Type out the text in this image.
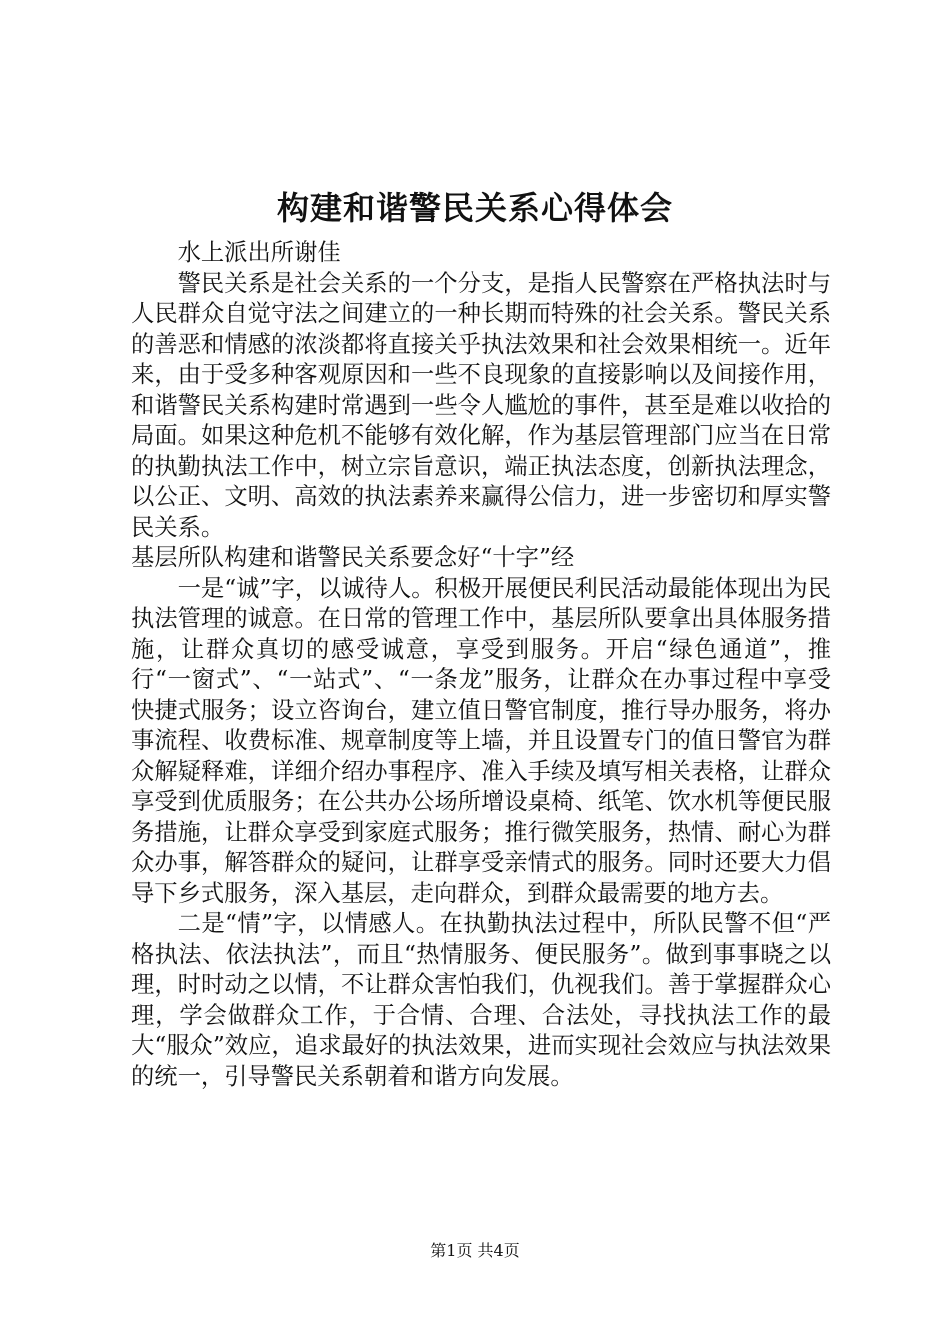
构建和谐警民关系心得体会

水上派出所谢佳

警民关系是社会关系的一个分支，是指人民警察在严格执法时与人民群众自觉守法之间建立的一种长期而特殊的社会关系。警民关系的善恶和情感的浓淡都将直接关乎执法效果和社会效果相统一。近年来，由于受多种客观原因和一些不良现象的直接影响以及间接作用，和谐警民关系构建时常遇到一些令人尴尬的事件，甚至是难以收拾的局面。如果这种危机不能够有效化解，作为基层管理部门应当在日常的执勤执法工作中，树立宗旨意识，端正执法态度，创新执法理念，以公正、文明、高效的执法素养来赢得公信力，进一步密切和厚实警民关系。

基层所队构建和谐警民关系要念好“十字”经

一是“诚”字，以诚待人。积极开展便民利民活动最能体现出为民执法管理的诚意。在日常的管理工作中，基层所队要拿出具体服务措施，让群众真切的感受诚意，享受到服务。开启“绿色通道”，推行“一窗式”、“一站式”、“一条龙”服务，让群众在办事过程中享受快捷式服务；设立咨询台，建立值日警官制度，推行导办服务，将办事流程、收费标准、规章制度等上墙，并且设置专门的值日警官为群众解疑释难，详细介绍办事程序、准入手续及填写相关表格，让群众享受到优质服务；在公共办公场所增设桌椅、纸笔、饮水机等便民服务措施，让群众享受到家庭式服务；推行微笑服务，热情、耐心为群众办事，解答群众的疑问，让群享受亲情式的服务。同时还要大力倡导下乡式服务，深入基层，走向群众，到群众最需要的地方去。

二是“情”字，以情感人。在执勤执法过程中，所队民警不但“严格执法、依法执法”，而且“热情服务、便民服务”。做到事事晓之以理，时时动之以情，不让群众害怕我们，仇视我们。善于掌握群众心理，学会做群众工作，于合情、合理、合法处，寻找执法工作的最大“服众”效应，追求最好的执法效果，进而实现社会效应与执法效果的统一，引导警民关系朝着和谐方向发展。

第1页 共4页
